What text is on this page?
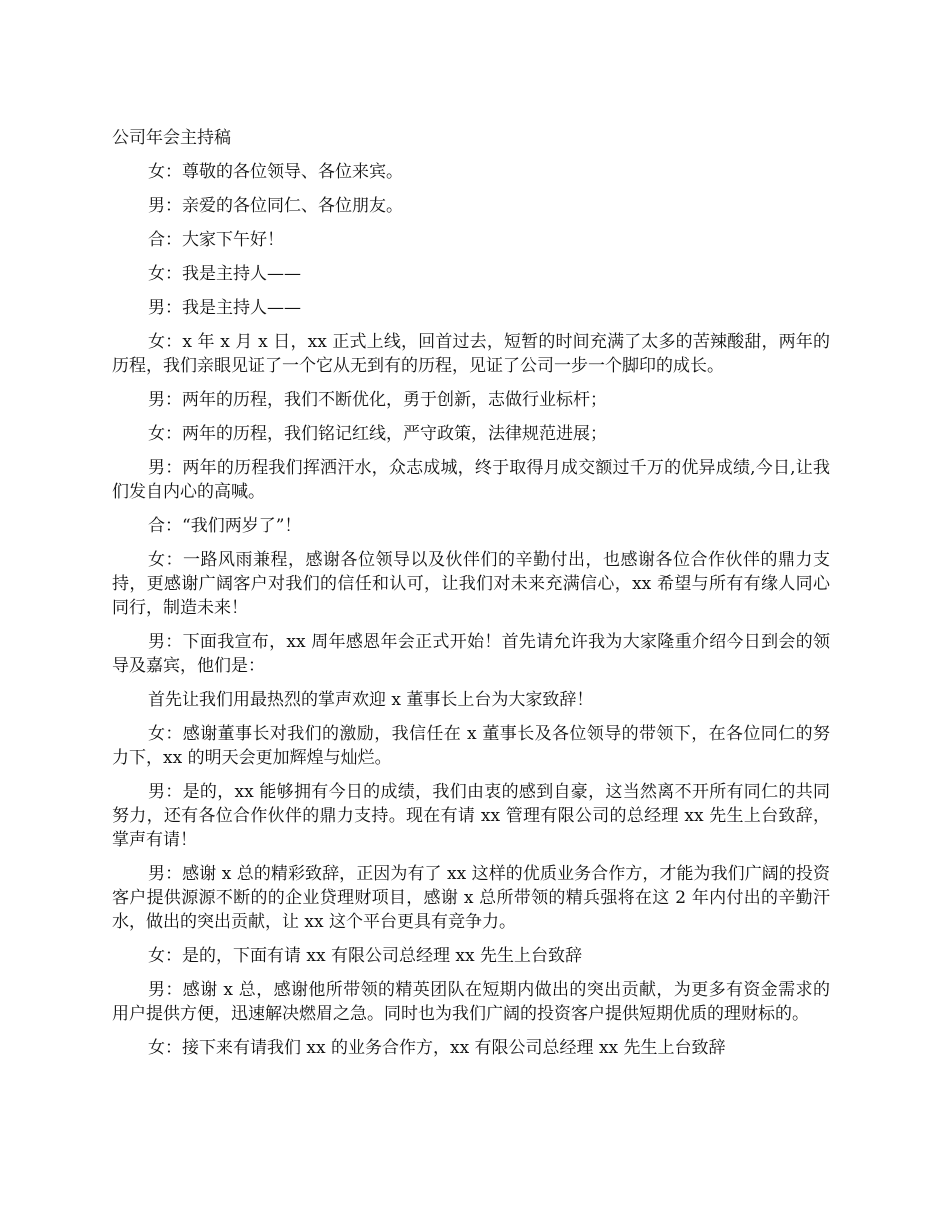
公司年会主持稿

女：尊敬的各位领导、各位来宾。

男：亲爱的各位同仁、各位朋友。

合：大家下午好！

女：我是主持人——

男：我是主持人——

女：x 年 x 月 x 日，xx 正式上线，回首过去，短暂的时间充满了太多的苦辣酸甜，两年的历程，我们亲眼见证了一个它从无到有的历程，见证了公司一步一个脚印的成长。

男：两年的历程，我们不断优化，勇于创新，志做行业标杆；

女：两年的历程，我们铭记红线，严守政策，法律规范进展；

男：两年的历程我们挥洒汗水，众志成城，终于取得月成交额过千万的优异成绩,今日,让我们发自内心的高喊。

合：“我们两岁了”！

女：一路风雨兼程，感谢各位领导以及伙伴们的辛勤付出，也感谢各位合作伙伴的鼎力支持，更感谢广阔客户对我们的信任和认可，让我们对未来充满信心，xx 希望与所有有缘人同心同行，制造未来！

男：下面我宣布，xx 周年感恩年会正式开始！首先请允许我为大家隆重介绍今日到会的领导及嘉宾，他们是：

首先让我们用最热烈的掌声欢迎 x 董事长上台为大家致辞！

女：感谢董事长对我们的激励，我信任在 x 董事长及各位领导的带领下，在各位同仁的努力下，xx 的明天会更加辉煌与灿烂。

男：是的，xx 能够拥有今日的成绩，我们由衷的感到自豪，这当然离不开所有同仁的共同努力，还有各位合作伙伴的鼎力支持。现在有请 xx 管理有限公司的总经理 xx 先生上台致辞，掌声有请！

男：感谢 x 总的精彩致辞，正因为有了 xx 这样的优质业务合作方，才能为我们广阔的投资客户提供源源不断的的企业贷理财项目，感谢 x 总所带领的精兵强将在这 2 年内付出的辛勤汗水，做出的突出贡献，让 xx 这个平台更具有竞争力。

女：是的，下面有请 xx 有限公司总经理 xx 先生上台致辞

男：感谢 x 总，感谢他所带领的精英团队在短期内做出的突出贡献，为更多有资金需求的用户提供方便，迅速解决燃眉之急。同时也为我们广阔的投资客户提供短期优质的理财标的。

女：接下来有请我们 xx 的业务合作方，xx 有限公司总经理 xx 先生上台致辞
